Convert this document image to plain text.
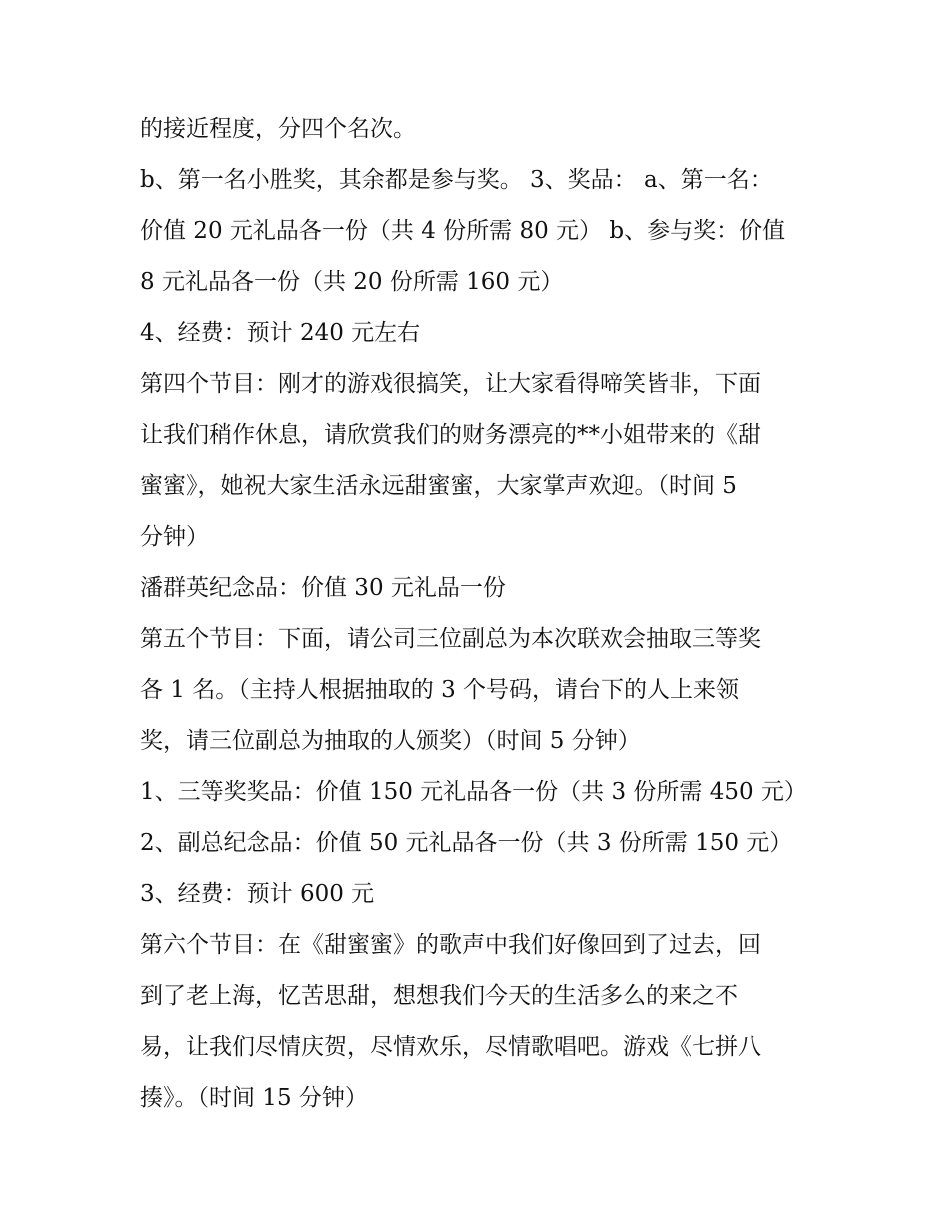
的接近程度，分四个名次。
b、第一名小胜奖，其余都是参与奖。 3、奖品： a、第一名：
价值 20 元礼品各一份（共 4 份所需 80 元） b、参与奖：价值
8 元礼品各一份（共 20 份所需 160 元）
4、经费：预计 240 元左右
第四个节目：刚才的游戏很搞笑，让大家看得啼笑皆非，下面
让我们稍作休息，请欣赏我们的财务漂亮的**小姐带来的《甜
蜜蜜》，她祝大家生活永远甜蜜蜜，大家掌声欢迎。（时间 5
分钟）
潘群英纪念品：价值 30 元礼品一份
第五个节目：下面，请公司三位副总为本次联欢会抽取三等奖
各 1 名。（主持人根据抽取的 3 个号码，请台下的人上来领
奖，请三位副总为抽取的人颁奖）（时间 5 分钟）
1、三等奖奖品：价值 150 元礼品各一份（共 3 份所需 450 元）
2、副总纪念品：价值 50 元礼品各一份（共 3 份所需 150 元）
3、经费：预计 600 元
第六个节目：在《甜蜜蜜》的歌声中我们好像回到了过去，回
到了老上海，忆苦思甜，想想我们今天的生活多么的来之不
易，让我们尽情庆贺，尽情欢乐，尽情歌唱吧。游戏《七拼八
揍》。（时间 15 分钟）
